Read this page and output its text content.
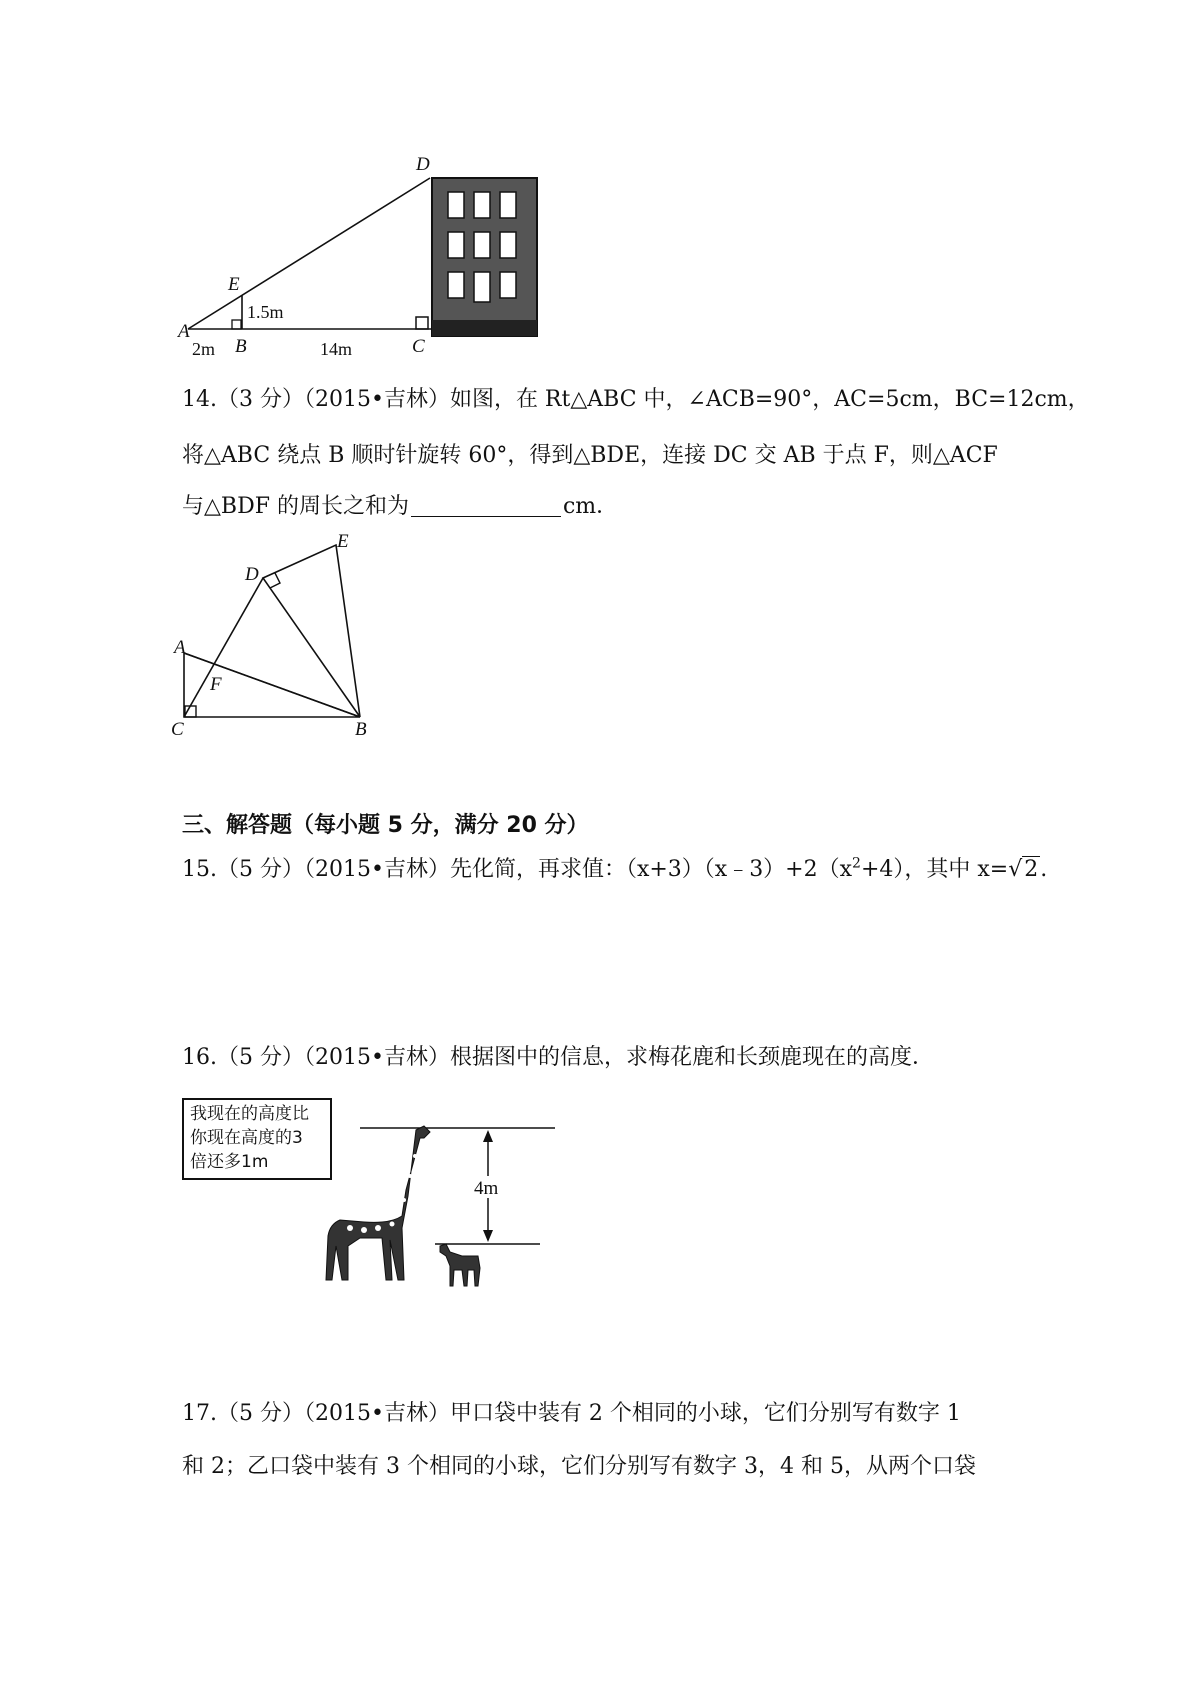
D
E
A
B	C
1.5m
2m	14m
14.（3 分）（2015•吉林）如图，在 Rt△ABC 中，∠ACB=90°，AC=5cm，BC=12cm，
将△ABC 绕点 B 顺时针旋转 60°，得到△BDE，连接 DC 交 AB 于点 F，则△ACF
与△BDF 的周长之和为	cm．
E
D
A
F
C	B
三、解答题（每小题 5 分，满分 20 分）
15.（5 分）（2015•吉林）先化简，再求值：$(x+3)(x﹣3)+2(x^2+4)$，其中 x=√2.
16.（5 分）（2015•吉林）根据图中的信息，求梅花鹿和长颈鹿现在的高度．
我现在的高度比
你现在高度的3
倍还多1m
4m
17.（5 分）（2015•吉林）甲口袋中装有 2 个相同的小球，它们分别写有数字 1
和 2；乙口袋中装有 3 个相同的小球，它们分别写有数字 3，4 和 5，从两个口袋
